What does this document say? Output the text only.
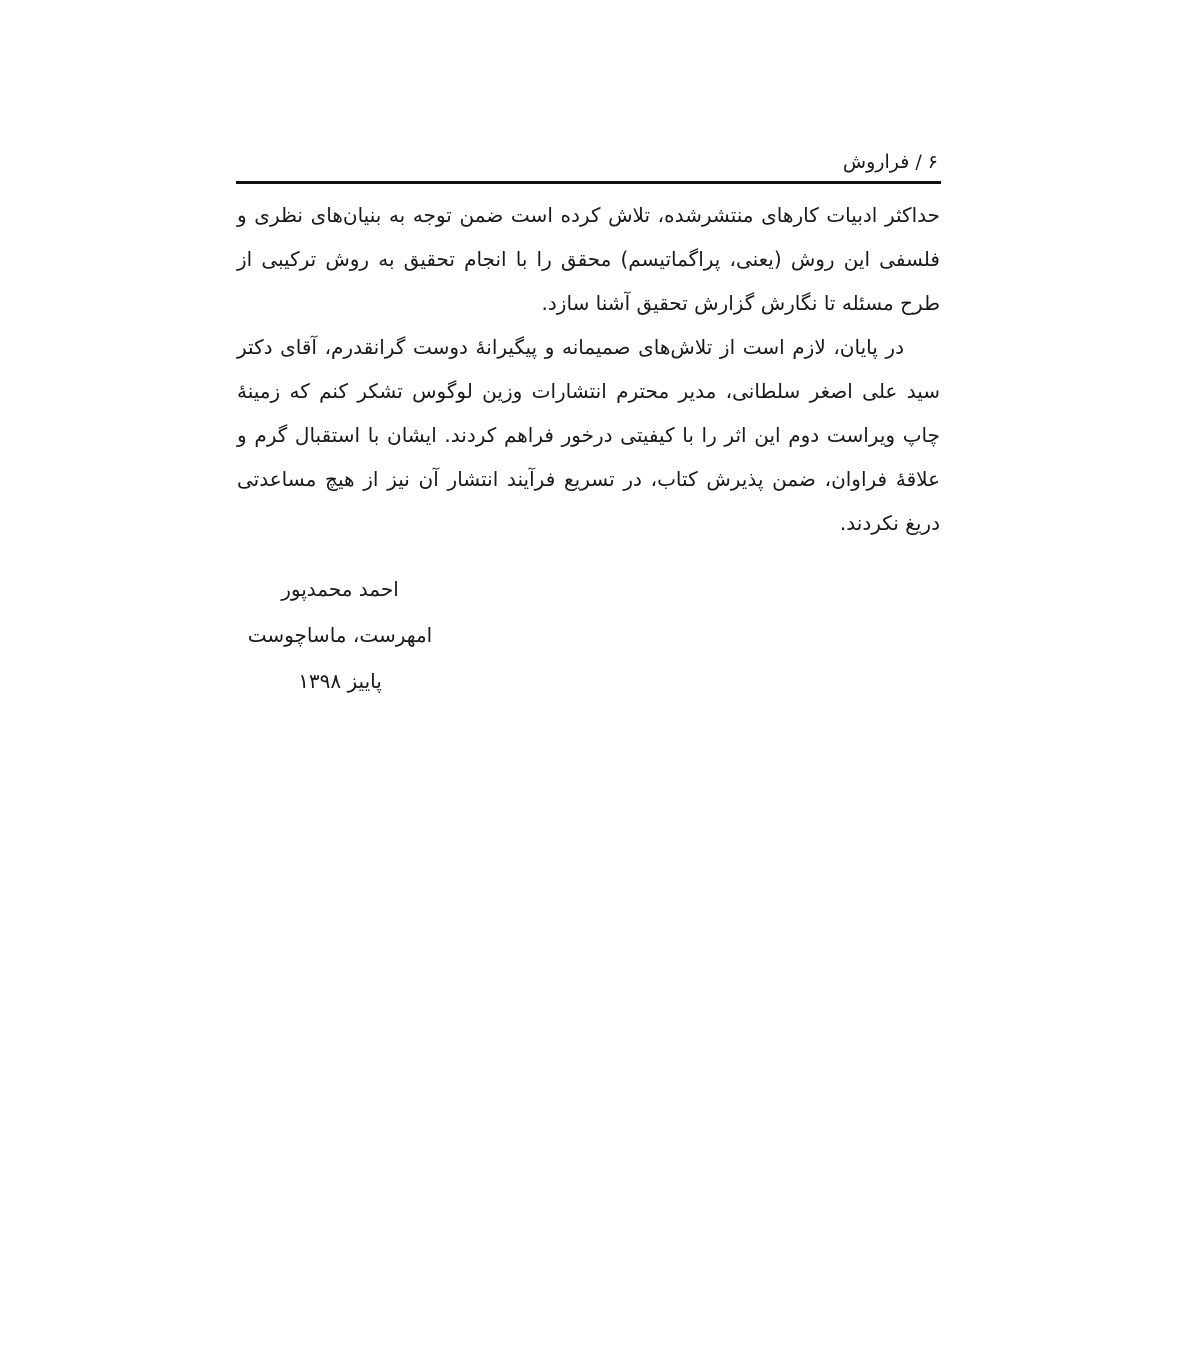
۶ / فراروش

حداکثر ادبیات کارهای منتشرشده، تلاش کرده است ضمن توجه به بنیان‌های نظری و فلسفی این روش (یعنی، پراگماتیسم) محقق را با انجام تحقیق به روش ترکیبی از طرح مسئله تا نگارش گزارش تحقیق آشنا سازد.

در پایان، لازم است از تلاش‌های صمیمانه و پیگیرانهٔ دوست گرانقدرم، آقای دکتر سید علی اصغر سلطانی، مدیر محترم انتشارات وزین لوگوس تشکر کنم که زمینهٔ چاپ ویراست دوم این اثر را با کیفیتی درخور فراهم کردند. ایشان با استقبال گرم و علاقهٔ فراوان، ضمن پذیرش کتاب، در تسریع فرآیند انتشار آن نیز از هیچ مساعدتی دریغ نکردند.

احمد محمدپور
امهرست، ماساچوست
پاییز ۱۳۹۸
